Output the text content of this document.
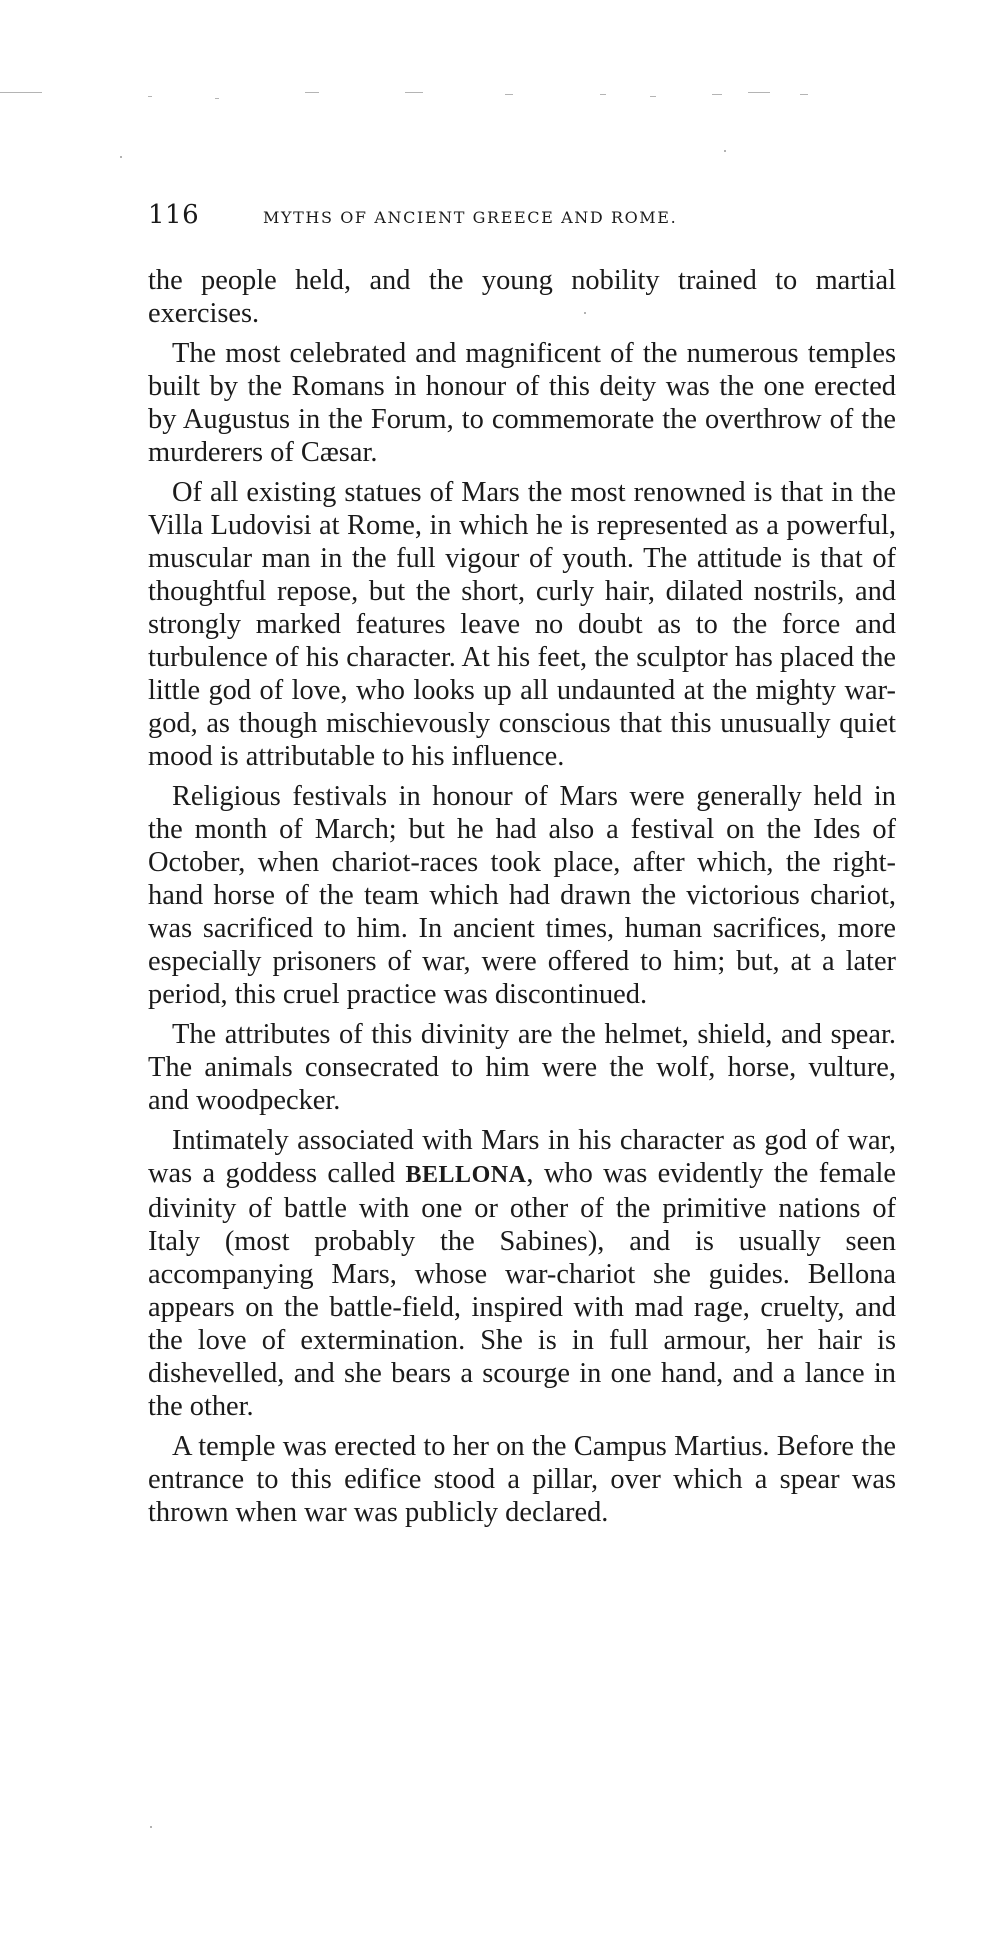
116	MYTHS OF ANCIENT GREECE AND ROME.

the people held, and the young nobility trained to martial exercises.

The most celebrated and magnificent of the numerous temples built by the Romans in honour of this deity was the one erected by Augustus in the Forum, to commemorate the overthrow of the murderers of Cæsar.

Of all existing statues of Mars the most renowned is that in the Villa Ludovisi at Rome, in which he is represented as a powerful, muscular man in the full vigour of youth. The attitude is that of thoughtful repose, but the short, curly hair, dilated nostrils, and strongly marked features leave no doubt as to the force and turbulence of his character. At his feet, the sculptor has placed the little god of love, who looks up all undaunted at the mighty war-god, as though mischievously conscious that this unusually quiet mood is attributable to his influence.

Religious festivals in honour of Mars were generally held in the month of March; but he had also a festival on the Ides of October, when chariot-races took place, after which, the right-hand horse of the team which had drawn the victorious chariot, was sacrificed to him. In ancient times, human sacrifices, more especially prisoners of war, were offered to him; but, at a later period, this cruel practice was discontinued.

The attributes of this divinity are the helmet, shield, and spear. The animals consecrated to him were the wolf, horse, vulture, and woodpecker.

Intimately associated with Mars in his character as god of war, was a goddess called BELLONA, who was evidently the female divinity of battle with one or other of the primitive nations of Italy (most probably the Sabines), and is usually seen accompanying Mars, whose war-chariot she guides. Bellona appears on the battle-field, inspired with mad rage, cruelty, and the love of extermination. She is in full armour, her hair is dishevelled, and she bears a scourge in one hand, and a lance in the other.

A temple was erected to her on the Campus Martius. Before the entrance to this edifice stood a pillar, over which a spear was thrown when war was publicly declared.
